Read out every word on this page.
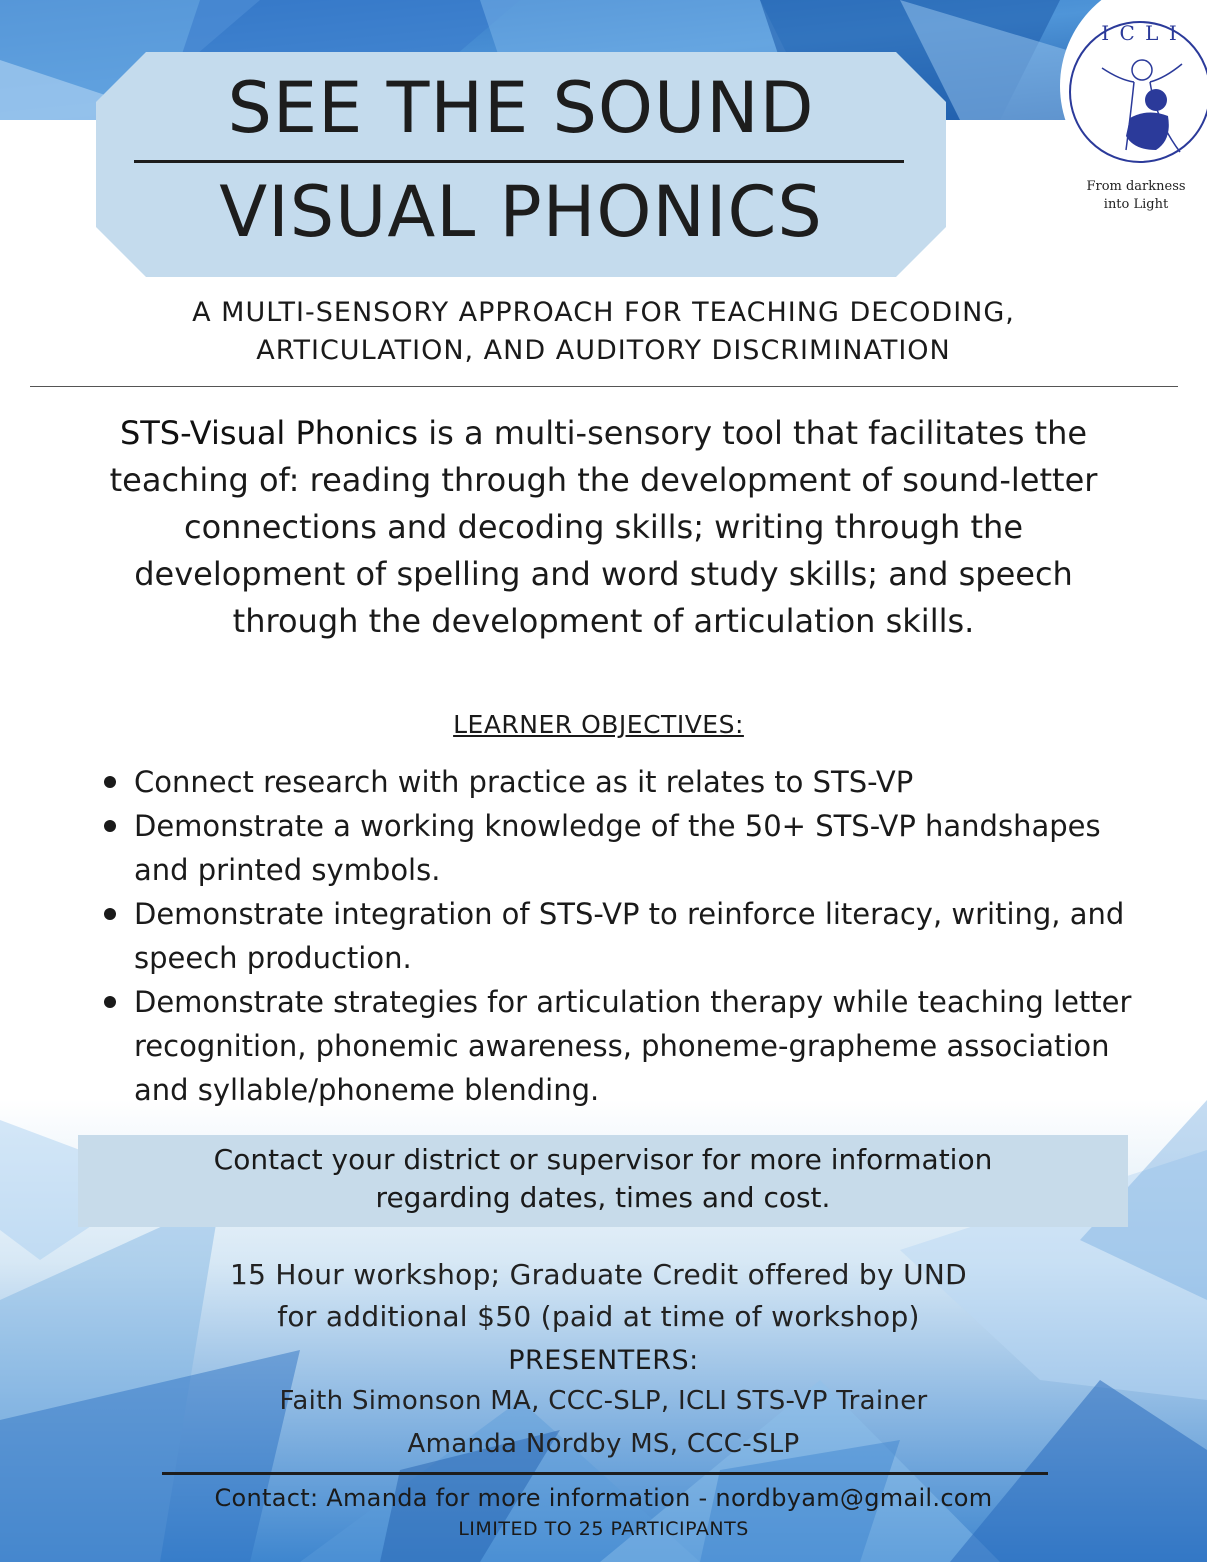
SEE THE SOUND
VISUAL PHONICS
I C L I
From darkness
into Light
A MULTI-SENSORY APPROACH FOR TEACHING DECODING,
ARTICULATION, AND AUDITORY DISCRIMINATION
STS-Visual Phonics is a multi-sensory tool that facilitates the teaching of: reading through the development of sound-letter connections and decoding skills; writing through the development of spelling and word study skills; and speech through the development of articulation skills.
LEARNER OBJECTIVES:
Connect research with practice as it relates to STS-VP
Demonstrate a working knowledge of the 50+ STS-VP handshapes and printed symbols.
Demonstrate integration of STS-VP to reinforce literacy, writing, and speech production.
Demonstrate strategies for articulation therapy while teaching letter recognition, phonemic awareness, phoneme-grapheme association and syllable/phoneme blending.
Contact your district or supervisor for more information
regarding dates, times and cost.
15 Hour workshop; Graduate Credit offered by UND
for additional $50 (paid at time of workshop)
PRESENTERS:
Faith Simonson MA, CCC-SLP, ICLI STS-VP Trainer
Amanda Nordby MS, CCC-SLP
Contact: Amanda for more information - nordbyam@gmail.com
LIMITED TO 25 PARTICIPANTS
